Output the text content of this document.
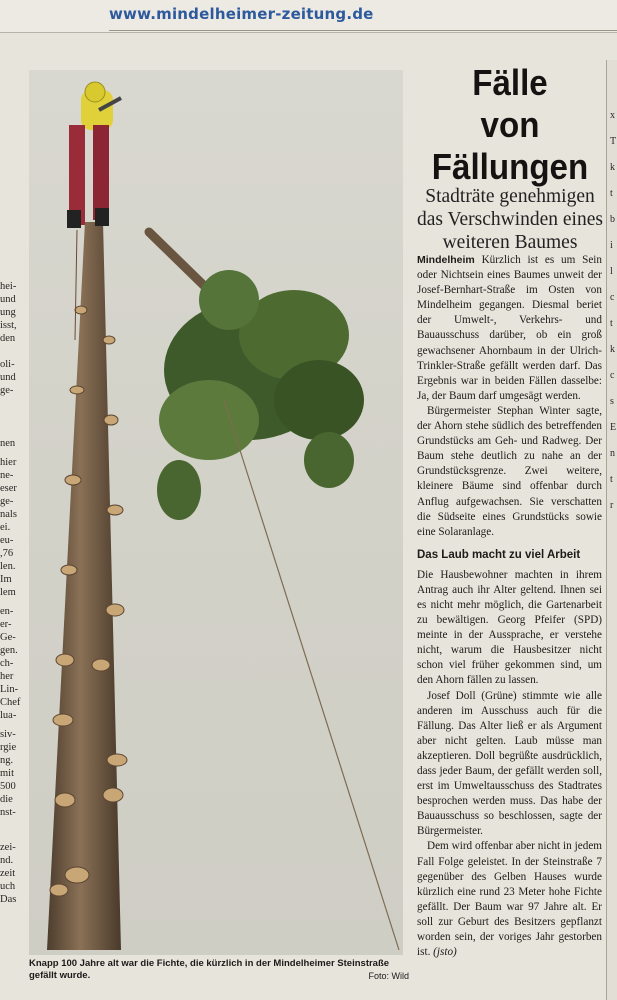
www.mindelheimer-zeitung.de
hei-
und
ung
isst,
den

oli-
und
ge-
nen
hier
ne-
eser
ge-
nals
ei.
eu-
,76
len.
Im
lem
en-
er-
Ge-
gen.
ch-
her
Lin-
Chef
lua-
siv-
rgie
ng.
mit
500
die
nst-
zei-
nd.
zeit
uch
Das
Knapp 100 Jahre alt war die Fichte, die kürzlich in der Mindelheimer Steinstraße gefällt wurde.	Foto: Wild
Fälle
von
Fällungen
Stadträte genehmigen das Verschwinden eines weiteren Baumes

Mindelheim Kürzlich ist es um Sein oder Nichtsein eines Baumes unweit der Josef-Bernhart-Straße im Osten von Mindelheim gegangen. Diesmal beriet der Umwelt-, Verkehrs- und Bauausschuss darüber, ob ein groß gewachsener Ahornbaum in der Ulrich-Trinkler-Straße gefällt werden darf. Das Ergebnis war in beiden Fällen dasselbe: Ja, der Baum darf umgesägt werden.

Bürgermeister Stephan Winter sagte, der Ahorn stehe südlich des betreffenden Grundstücks am Geh- und Radweg. Der Baum stehe deutlich zu nahe an der Grundstücksgrenze. Zwei weitere, kleinere Bäume sind offenbar durch Anflug aufgewachsen. Sie verschatten die Südseite eines Grundstücks sowie eine Solaranlage.

Das Laub macht zu viel Arbeit

Die Hausbewohner machten in ihrem Antrag auch ihr Alter geltend. Ihnen sei es nicht mehr möglich, die Gartenarbeit zu bewältigen. Georg Pfeifer (SPD) meinte in der Aussprache, er verstehe nicht, warum die Hausbesitzer nicht schon viel früher gekommen sind, um den Ahorn fällen zu lassen.

Josef Doll (Grüne) stimmte wie alle anderen im Ausschuss auch für die Fällung. Das Alter ließ er als Argument aber nicht gelten. Laub müsse man akzeptieren. Doll begrüßte ausdrücklich, dass jeder Baum, der gefällt werden soll, erst im Umweltausschuss des Stadtrates besprochen werden muss. Das habe der Bauausschuss so beschlossen, sagte der Bürgermeister.

Dem wird offenbar aber nicht in jedem Fall Folge geleistet. In der Steinstraße 7 gegenüber des Gelben Hauses wurde kürzlich eine rund 23 Meter hohe Fichte gefällt. Der Baum war 97 Jahre alt. Er soll zur Geburt des Besitzers gepflanzt worden sein, der voriges Jahr gestorben ist. (jsto)

x
T
k
t
b
i
l
c
t
k
c
s
E
n
t
r
